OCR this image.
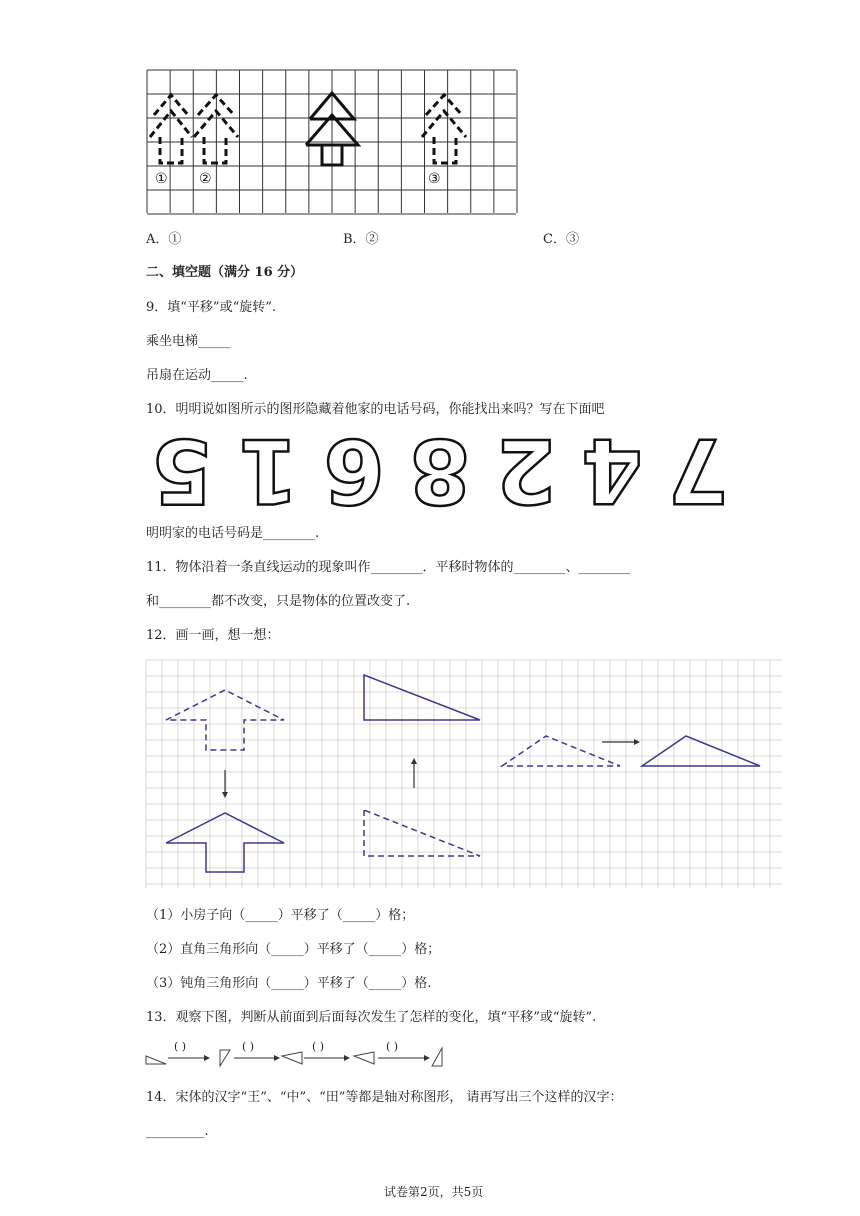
① ②	③
A．①	B．②	C．③
二、填空题（满分 16 分）
9．填“平移”或“旋转”.
乘坐电梯_____
吊扇在运动_____.
10．明明说如图所示的图形隐藏着他家的电话号码，你能找出来吗？写在下面吧
5 1 6 8 2 4 7
明明家的电话号码是________.
11．物体沿着一条直线运动的现象叫作________．平移时物体的________、________
和________都不改变，只是物体的位置改变了.
12．画一画，想一想：
（1）小房子向（_____）平移了（_____）格；
（2）直角三角形向（_____）平移了（_____）格；
（3）钝角三角形向（_____）平移了（_____）格.
13．观察下图，判断从前面到后面每次发生了怎样的变化，填“平移”或“旋转”.
( )	( )	( )	( )
14．宋体的汉字“王”、“中”、“田”等都是轴对称图形， 请再写出三个这样的汉字：
_________.
试卷第2页，共5页
